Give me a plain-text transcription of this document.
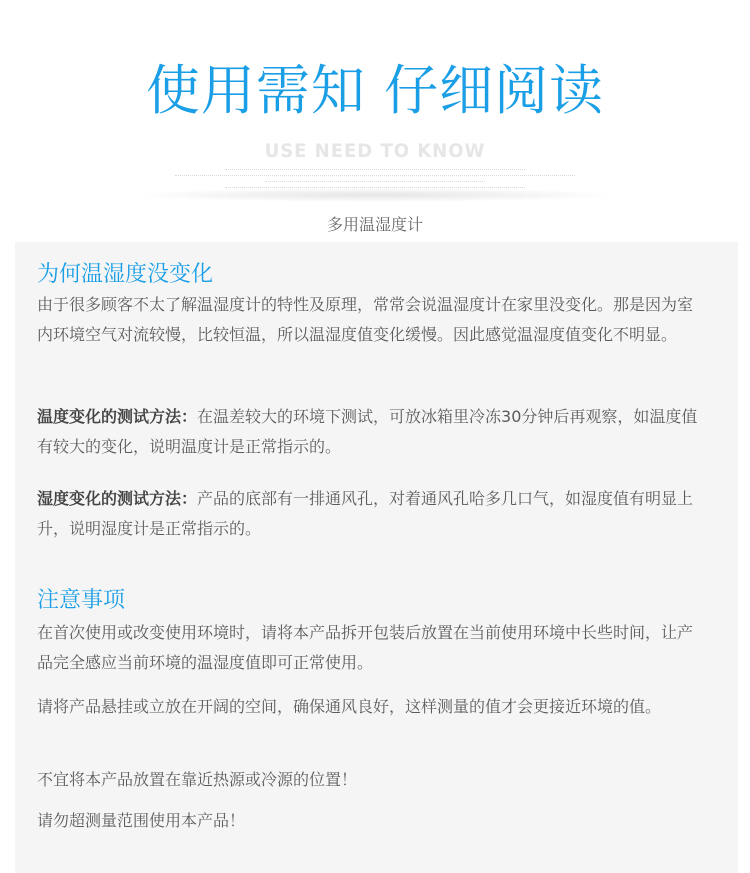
使用需知 仔细阅读
USE NEED TO KNOW
多用温湿度计
为何温湿度没变化

由于很多顾客不太了解温湿度计的特性及原理，常常会说温湿度计在家里没变化。那是因为室内环境空气对流较慢，比较恒温，所以温湿度值变化缓慢。因此感觉温湿度值变化不明显。

温度变化的测试方法：在温差较大的环境下测试，可放冰箱里冷冻30分钟后再观察，如温度值有较大的变化，说明温度计是正常指示的。

湿度变化的测试方法：产品的底部有一排通风孔，对着通风孔哈多几口气，如湿度值有明显上升，说明湿度计是正常指示的。

注意事项

在首次使用或改变使用环境时，请将本产品拆开包装后放置在当前使用环境中长些时间，让产品完全感应当前环境的温湿度值即可正常使用。

请将产品悬挂或立放在开阔的空间，确保通风良好，这样测量的值才会更接近环境的值。

不宜将本产品放置在靠近热源或冷源的位置！

请勿超测量范围使用本产品！
